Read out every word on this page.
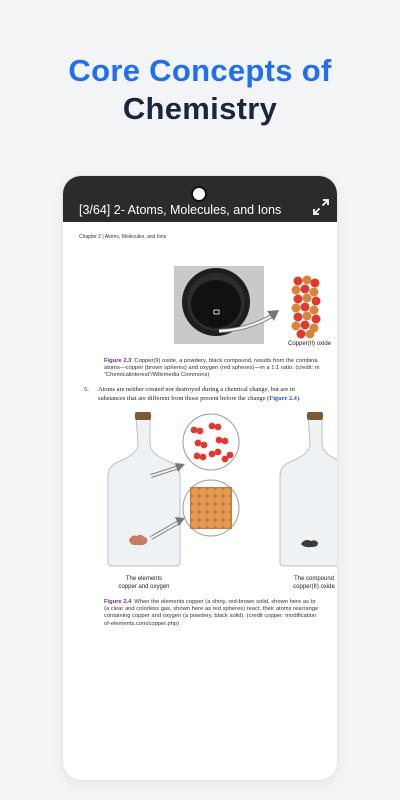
Core Concepts of
Chemistry
[3/64] 2- Atoms, Molecules, and Ions
Chapter 2 | Atoms, Molecules, and Ions
Copper(II) oxide
Figure 2.3 Copper(II) oxide, a powdery, black compound, results from the combina
atoms—copper (brown spheres) and oxygen (red spheres)—in a 1:1 ratio. (credit: m
“Chemicalinterest”/Wikimedia Commons)
5. Atoms are neither created nor destroyed during a chemical change, but are in
substances that are different from those present before the change (Figure 2.4).
The elements
copper and oxygen
The compound
copper(II) oxide
Figure 2.4 When the elements copper (a shiny, red-brown solid, shown here as br
(a clear and colorless gas, shown here as red spheres) react, their atoms rearrange
containing copper and oxygen (a powdery, black solid). (credit copper: modification
of-elements.com/copper.php)
